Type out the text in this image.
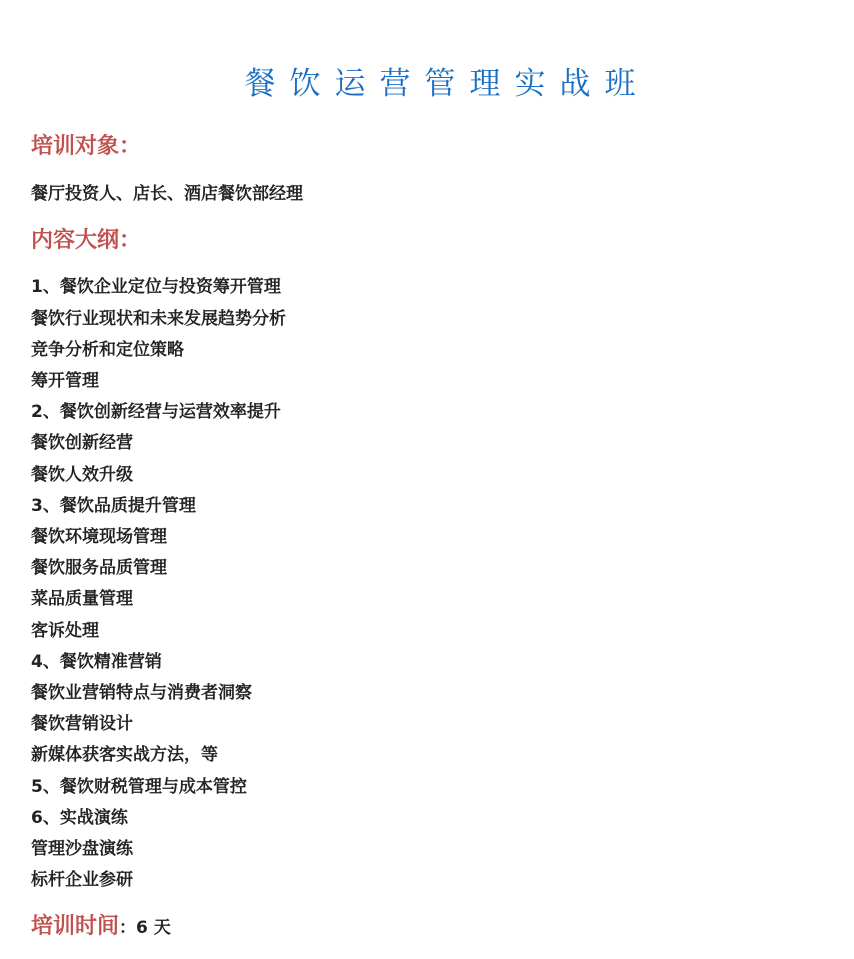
餐饮运营管理实战班
培训对象：
餐厅投资人、店长、酒店餐饮部经理
内容大纲：
1、餐饮企业定位与投资筹开管理
餐饮行业现状和未来发展趋势分析
竞争分析和定位策略
筹开管理
2、餐饮创新经营与运营效率提升
餐饮创新经营
餐饮人效升级
3、餐饮品质提升管理
餐饮环境现场管理
餐饮服务品质管理
菜品质量管理
客诉处理
4、餐饮精准营销
餐饮业营销特点与消费者洞察
餐饮营销设计
新媒体获客实战方法，等
5、餐饮财税管理与成本管控
6、实战演练
管理沙盘演练
标杆企业参研
培训时间：6 天
